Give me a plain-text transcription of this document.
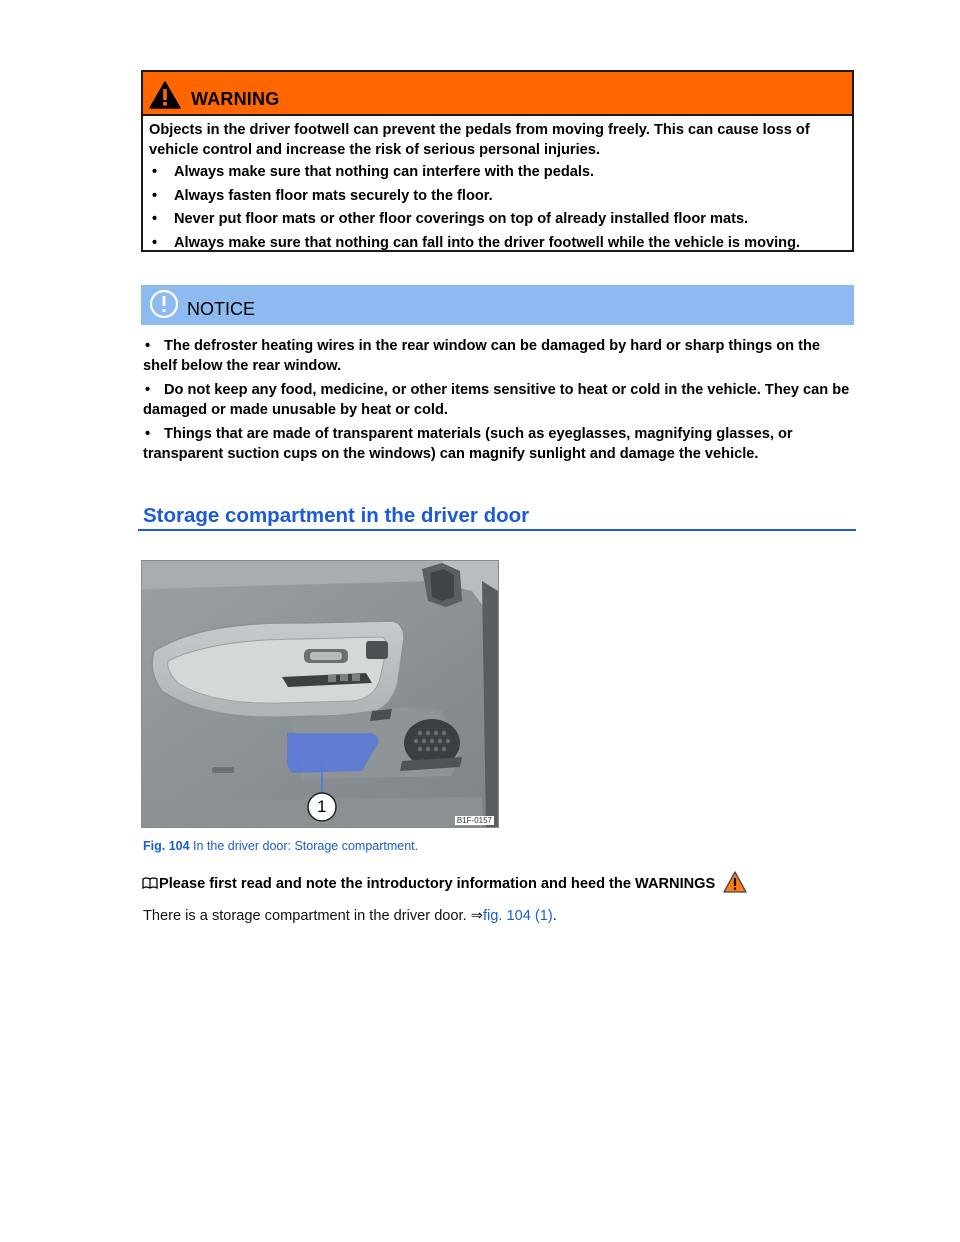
WARNING
Objects in the driver footwell can prevent the pedals from moving freely. This can cause loss of vehicle control and increase the risk of serious personal injuries.
• Always make sure that nothing can interfere with the pedals.
• Always fasten floor mats securely to the floor.
• Never put floor mats or other floor coverings on top of already installed floor mats.
• Always make sure that nothing can fall into the driver footwell while the vehicle is moving.
NOTICE
• The defroster heating wires in the rear window can be damaged by hard or sharp things on the shelf below the rear window.
• Do not keep any food, medicine, or other items sensitive to heat or cold in the vehicle. They can be damaged or made unusable by heat or cold.
• Things that are made of transparent materials (such as eyeglasses, magnifying glasses, or transparent suction cups on the windows) can magnify sunlight and damage the vehicle.
Storage compartment in the driver door
1
B1F-0157
Fig. 104 In the driver door: Storage compartment.
Please first read and note the introductory information and heed the WARNINGS
There is a storage compartment in the driver door. ⇒fig. 104 (1).
